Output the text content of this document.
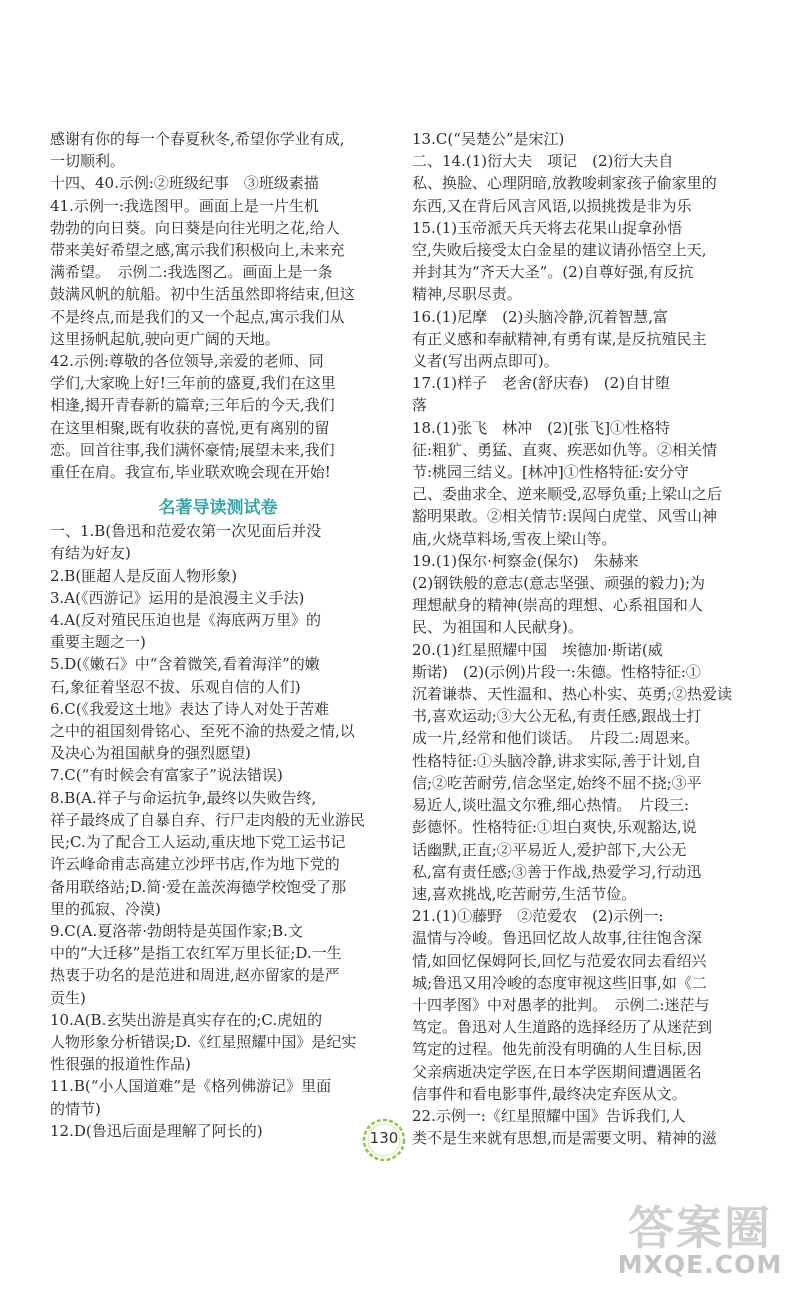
感谢有你的每一个春夏秋冬,希望你学业有成,

一切顺利。

十四、40.示例:②班级纪事　③班级素描

41.示例一:我选图甲。画面上是一片生机

勃勃的向日葵。向日葵是向往光明之花,给人

带来美好希望之感,寓示我们积极向上,未来充

满希望。　示例二:我选图乙。画面上是一条

鼓满风帆的航船。初中生活虽然即将结束,但这

不是终点,而是我们的又一个起点,寓示我们从

这里扬帆起航,驶向更广阔的天地。

42.示例:尊敬的各位领导,亲爱的老师、同

学们,大家晚上好!三年前的盛夏,我们在这里

相逢,揭开青春新的篇章;三年后的今天,我们

在这里相聚,既有收获的喜悦,更有离别的留

恋。回首往事,我们满怀豪情;展望未来,我们

重任在肩。我宣布,毕业联欢晚会现在开始!

名著导读测试卷

一、1.B(鲁迅和范爱农第一次见面后并没

有结为好友)

2.B(匪超人是反面人物形象)

3.A(《西游记》运用的是浪漫主义手法)

4.A(反对殖民压迫也是《海底两万里》的

重要主题之一)

5.D(《嫩石》中“含着微笑,看着海洋”的嫩

石,象征着坚忍不拔、乐观自信的人们)

6.C(《我爱这土地》表达了诗人对处于苦难

之中的祖国刻骨铭心、至死不渝的热爱之情,以

及决心为祖国献身的强烈愿望)

7.C(“有时候会有富家子”说法错误)

8.B(A.祥子与命运抗争,最终以失败告终,

祥子最终成了自暴自弃、行尸走肉般的无业游民

民;C.为了配合工人运动,重庆地下党工运书记

许云峰命甫志高建立沙坪书店,作为地下党的

备用联络站;D.简·爱在盖茨海德学校饱受了那

里的孤寂、冷漠)

9.C(A.夏洛蒂·勃朗特是英国作家;B.文

中的“大迁移”是指工农红军万里长征;D.一生

热衷于功名的是范进和周进,赵亦留家的是严

贡生)

10.A(B.玄奘出游是真实存在的;C.虎妞的

人物形象分析错误;D.《红星照耀中国》是纪实

性很强的报道性作品)

11.B(“小人国道难”是《格列佛游记》里面

的情节)

12.D(鲁迅后面是理解了阿长的)

13.C(“吴楚公”是宋江)

二、14.(1)衍大夫　项记　(2)衍大夫自

私、换脸、心理阴暗,放教唆刺家孩子偷家里的

东西,又在背后风言风语,以损挑拨是非为乐

15.(1)玉帝派天兵天将去花果山捉拿孙悟

空,失败后接受太白金星的建议请孙悟空上天,

并封其为“齐天大圣”。(2)自尊好强,有反抗

精神,尽职尽责。

16.(1)尼摩　(2)头脑冷静,沉着智慧,富

有正义感和奉献精神,有勇有谋,是反抗殖民主

义者(写出两点即可)。

17.(1)样子　老舍(舒庆春)　(2)自甘堕

落

18.(1)张飞　林冲　(2)[张飞]①性格特

征:粗犷、勇猛、直爽、疾恶如仇等。②相关情

节:桃园三结义。[林冲]①性格特征:安分守

己、委曲求全、逆来顺受,忍辱负重;上梁山之后

豁明果敢。②相关情节:误闯白虎堂、风雪山神

庙,火烧草料场,雪夜上梁山等。

19.(1)保尔·柯察金(保尔)　朱赫来

(2)钢铁般的意志(意志坚强、顽强的毅力);为

理想献身的精神(崇高的理想、心系祖国和人

民、为祖国和人民献身)。

20.(1)红星照耀中国　埃德加·斯诺(威

斯诺)　(2)(示例)片段一:朱德。性格特征:①

沉着谦恭、天性温和、热心朴实、英勇;②热爱读

书,喜欢运动;③大公无私,有责任感,跟战士打

成一片,经常和他们谈话。　片段二:周恩来。

性格特征:①头脑冷静,讲求实际,善于计划,自

信;②吃苦耐劳,信念坚定,始终不屈不挠;③平

易近人,谈吐温文尔雅,细心热情。　片段三:

彭德怀。性格特征:①坦白爽快,乐观豁达,说

话幽默,正直;②平易近人,爱护部下,大公无

私,富有责任感;③善于作战,热爱学习,行动迅

速,喜欢挑战,吃苦耐劳,生活节俭。

21.(1)①藤野　②范爱农　(2)示例一:

温情与冷峻。鲁迅回忆故人故事,往往饱含深

情,如回忆保姆阿长,回忆与范爱农同去看绍兴

城;鲁迅又用冷峻的态度审视这些旧事,如《二

十四孝图》中对愚孝的批判。　示例二:迷茫与

笃定。鲁迅对人生道路的选择经历了从迷茫到

笃定的过程。他先前没有明确的人生目标,因

父亲病逝决定学医,在日本学医期间遭遇匿名

信事件和看电影事件,最终决定弃医从文。

22.示例一:《红星照耀中国》告诉我们,人

类不是生来就有思想,而是需要文明、精神的滋

130
答案圈
MXQE.COM
